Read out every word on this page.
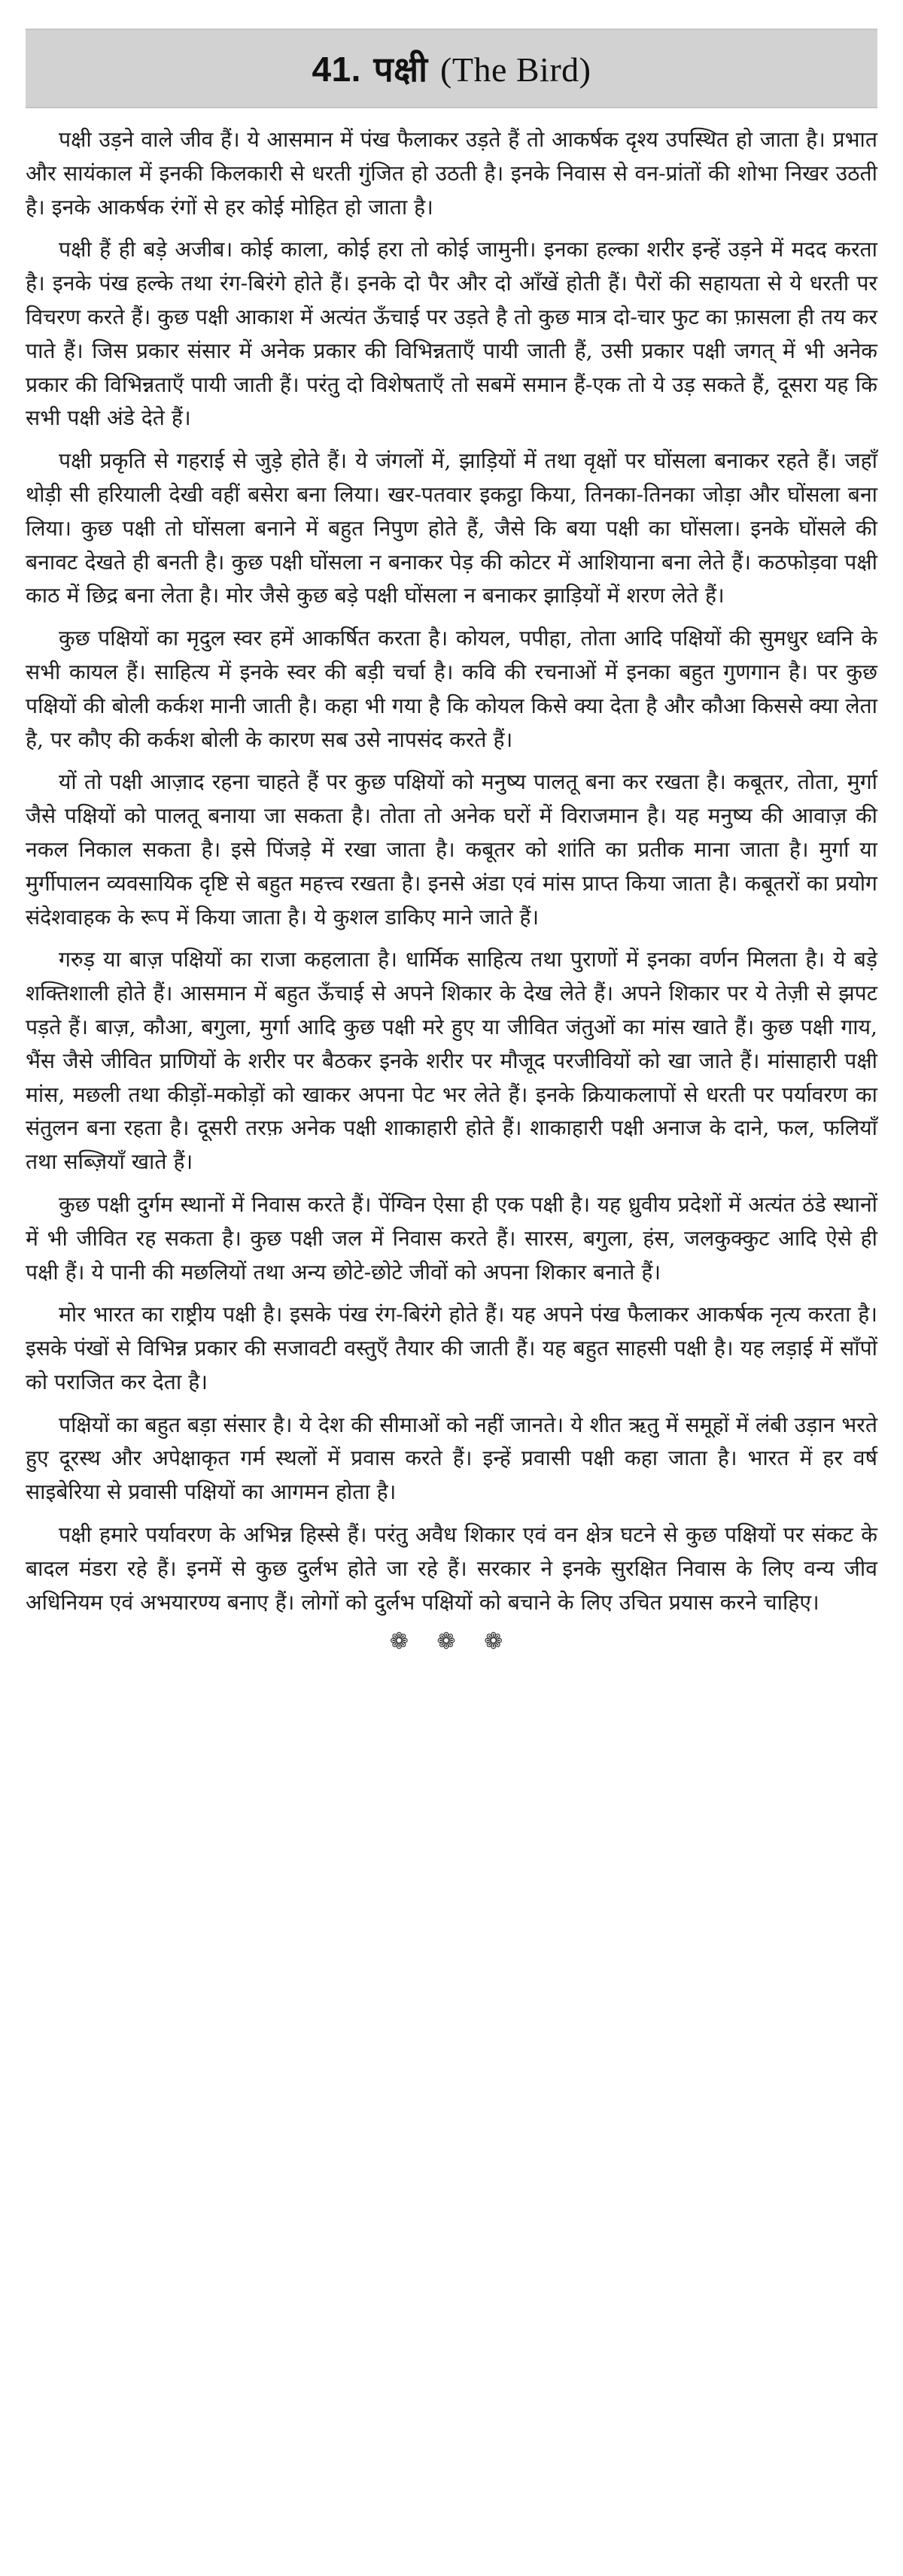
41. पक्षी (The Bird)

पक्षी उड़ने वाले जीव हैं। ये आसमान में पंख फैलाकर उड़ते हैं तो आकर्षक दृश्य उपस्थित हो जाता है। प्रभात और सायंकाल में इनकी किलकारी से धरती गुंजित हो उठती है। इनके निवास से वन-प्रांतों की शोभा निखर उठती है। इनके आकर्षक रंगों से हर कोई मोहित हो जाता है।

पक्षी हैं ही बड़े अजीब। कोई काला, कोई हरा तो कोई जामुनी। इनका हल्का शरीर इन्हें उड़ने में मदद करता है। इनके पंख हल्के तथा रंग-बिरंगे होते हैं। इनके दो पैर और दो आँखें होती हैं। पैरों की सहायता से ये धरती पर विचरण करते हैं। कुछ पक्षी आकाश में अत्यंत ऊँचाई पर उड़ते है तो कुछ मात्र दो-चार फुट का फ़ासला ही तय कर पाते हैं। जिस प्रकार संसार में अनेक प्रकार की विभिन्नताएँ पायी जाती हैं, उसी प्रकार पक्षी जगत् में भी अनेक प्रकार की विभिन्नताएँ पायी जाती हैं। परंतु दो विशेषताएँ तो सबमें समान हैं-एक तो ये उड़ सकते हैं, दूसरा यह कि सभी पक्षी अंडे देते हैं।

पक्षी प्रकृति से गहराई से जुड़े होते हैं। ये जंगलों में, झाड़ियों में तथा वृक्षों पर घोंसला बनाकर रहते हैं। जहाँ थोड़ी सी हरियाली देखी वहीं बसेरा बना लिया। खर-पतवार इकट्ठा किया, तिनका-तिनका जोड़ा और घोंसला बना लिया। कुछ पक्षी तो घोंसला बनाने में बहुत निपुण होते हैं, जैसे कि बया पक्षी का घोंसला। इनके घोंसले की बनावट देखते ही बनती है। कुछ पक्षी घोंसला न बनाकर पेड़ की कोटर में आशियाना बना लेते हैं। कठफोड़वा पक्षी काठ में छिद्र बना लेता है। मोर जैसे कुछ बड़े पक्षी घोंसला न बनाकर झाड़ियों में शरण लेते हैं।

कुछ पक्षियों का मृदुल स्वर हमें आकर्षित करता है। कोयल, पपीहा, तोता आदि पक्षियों की सुमधुर ध्वनि के सभी कायल हैं। साहित्य में इनके स्वर की बड़ी चर्चा है। कवि की रचनाओं में इनका बहुत गुणगान है। पर कुछ पक्षियों की बोली कर्कश मानी जाती है। कहा भी गया है कि कोयल किसे क्या देता है और कौआ किससे क्या लेता है, पर कौए की कर्कश बोली के कारण सब उसे नापसंद करते हैं।

यों तो पक्षी आज़ाद रहना चाहते हैं पर कुछ पक्षियों को मनुष्य पालतू बना कर रखता है। कबूतर, तोता, मुर्गा जैसे पक्षियों को पालतू बनाया जा सकता है। तोता तो अनेक घरों में विराजमान है। यह मनुष्य की आवाज़ की नकल निकाल सकता है। इसे पिंजड़े में रखा जाता है। कबूतर को शांति का प्रतीक माना जाता है। मुर्गा या मुर्गीपालन व्यवसायिक दृष्टि से बहुत महत्त्व रखता है। इनसे अंडा एवं मांस प्राप्त किया जाता है। कबूतरों का प्रयोग संदेशवाहक के रूप में किया जाता है। ये कुशल डाकिए माने जाते हैं।

गरुड़ या बाज़ पक्षियों का राजा कहलाता है। धार्मिक साहित्य तथा पुराणों में इनका वर्णन मिलता है। ये बड़े शक्तिशाली होते हैं। आसमान में बहुत ऊँचाई से अपने शिकार के देख लेते हैं। अपने शिकार पर ये तेज़ी से झपट पड़ते हैं। बाज़, कौआ, बगुला, मुर्गा आदि कुछ पक्षी मरे हुए या जीवित जंतुओं का मांस खाते हैं। कुछ पक्षी गाय, भैंस जैसे जीवित प्राणियों के शरीर पर बैठकर इनके शरीर पर मौजूद परजीवियों को खा जाते हैं। मांसाहारी पक्षी मांस, मछली तथा कीड़ों-मकोड़ों को खाकर अपना पेट भर लेते हैं। इनके क्रियाकलापों से धरती पर पर्यावरण का संतुलन बना रहता है। दूसरी तरफ़ अनेक पक्षी शाकाहारी होते हैं। शाकाहारी पक्षी अनाज के दाने, फल, फलियाँ तथा सब्ज़ियाँ खाते हैं।

कुछ पक्षी दुर्गम स्थानों में निवास करते हैं। पेंग्विन ऐसा ही एक पक्षी है। यह ध्रुवीय प्रदेशों में अत्यंत ठंडे स्थानों में भी जीवित रह सकता है। कुछ पक्षी जल में निवास करते हैं। सारस, बगुला, हंस, जलकुक्कुट आदि ऐसे ही पक्षी हैं। ये पानी की मछलियों तथा अन्य छोटे-छोटे जीवों को अपना शिकार बनाते हैं।

मोर भारत का राष्ट्रीय पक्षी है। इसके पंख रंग-बिरंगे होते हैं। यह अपने पंख फैलाकर आकर्षक नृत्य करता है। इसके पंखों से विभिन्न प्रकार की सजावटी वस्तुएँ तैयार की जाती हैं। यह बहुत साहसी पक्षी है। यह लड़ाई में साँपों को पराजित कर देता है।

पक्षियों का बहुत बड़ा संसार है। ये देश की सीमाओं को नहीं जानते। ये शीत ऋतु में समूहों में लंबी उड़ान भरते हुए दूरस्थ और अपेक्षाकृत गर्म स्थलों में प्रवास करते हैं। इन्हें प्रवासी पक्षी कहा जाता है। भारत में हर वर्ष साइबेरिया से प्रवासी पक्षियों का आगमन होता है।

पक्षी हमारे पर्यावरण के अभिन्न हिस्से हैं। परंतु अवैध शिकार एवं वन क्षेत्र घटने से कुछ पक्षियों पर संकट के बादल मंडरा रहे हैं। इनमें से कुछ दुर्लभ होते जा रहे हैं। सरकार ने इनके सुरक्षित निवास के लिए वन्य जीव अधिनियम एवं अभयारण्य बनाए हैं। लोगों को दुर्लभ पक्षियों को बचाने के लिए उचित प्रयास करने चाहिए।

❁ ❁ ❁
